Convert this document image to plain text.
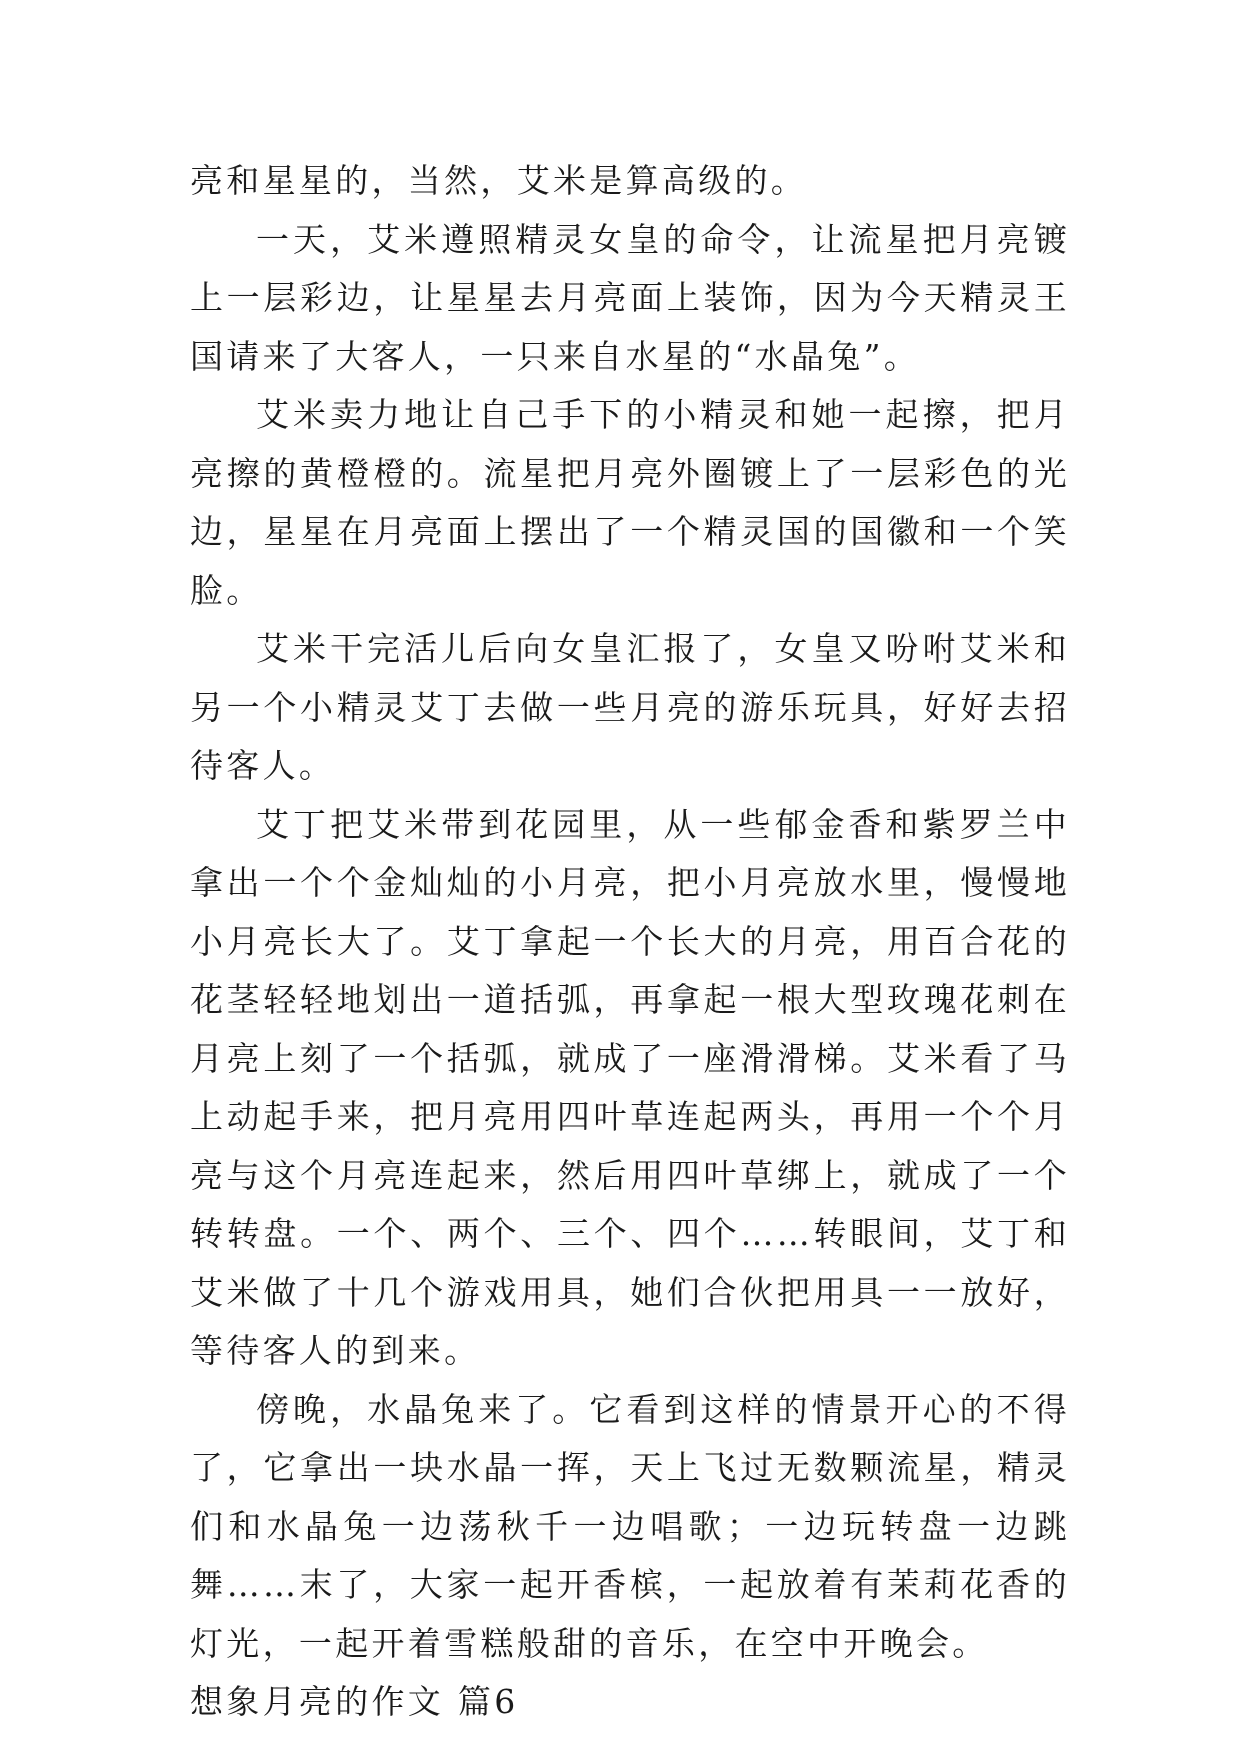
亮和星星的，当然，艾米是算高级的。

一天，艾米遵照精灵女皇的命令，让流星把月亮镀上一层彩边，让星星去月亮面上装饰，因为今天精灵王国请来了大客人，一只来自水星的“水晶兔”。

艾米卖力地让自己手下的小精灵和她一起擦，把月亮擦的黄橙橙的。流星把月亮外圈镀上了一层彩色的光边，星星在月亮面上摆出了一个精灵国的国徽和一个笑脸。

艾米干完活儿后向女皇汇报了，女皇又吩咐艾米和另一个小精灵艾丁去做一些月亮的游乐玩具，好好去招待客人。

艾丁把艾米带到花园里，从一些郁金香和紫罗兰中拿出一个个金灿灿的小月亮，把小月亮放水里，慢慢地小月亮长大了。艾丁拿起一个长大的月亮，用百合花的花茎轻轻地划出一道括弧，再拿起一根大型玫瑰花刺在月亮上刻了一个括弧，就成了一座滑滑梯。艾米看了马上动起手来，把月亮用四叶草连起两头，再用一个个月亮与这个月亮连起来，然后用四叶草绑上，就成了一个转转盘。一个、两个、三个、四个……转眼间，艾丁和艾米做了十几个游戏用具，她们合伙把用具一一放好，等待客人的到来。

傍晚，水晶兔来了。它看到这样的情景开心的不得了，它拿出一块水晶一挥，天上飞过无数颗流星，精灵们和水晶兔一边荡秋千一边唱歌；一边玩转盘一边跳舞……末了，大家一起开香槟，一起放着有茉莉花香的灯光，一起开着雪糕般甜的音乐，在空中开晚会。

想象月亮的作文 篇6
